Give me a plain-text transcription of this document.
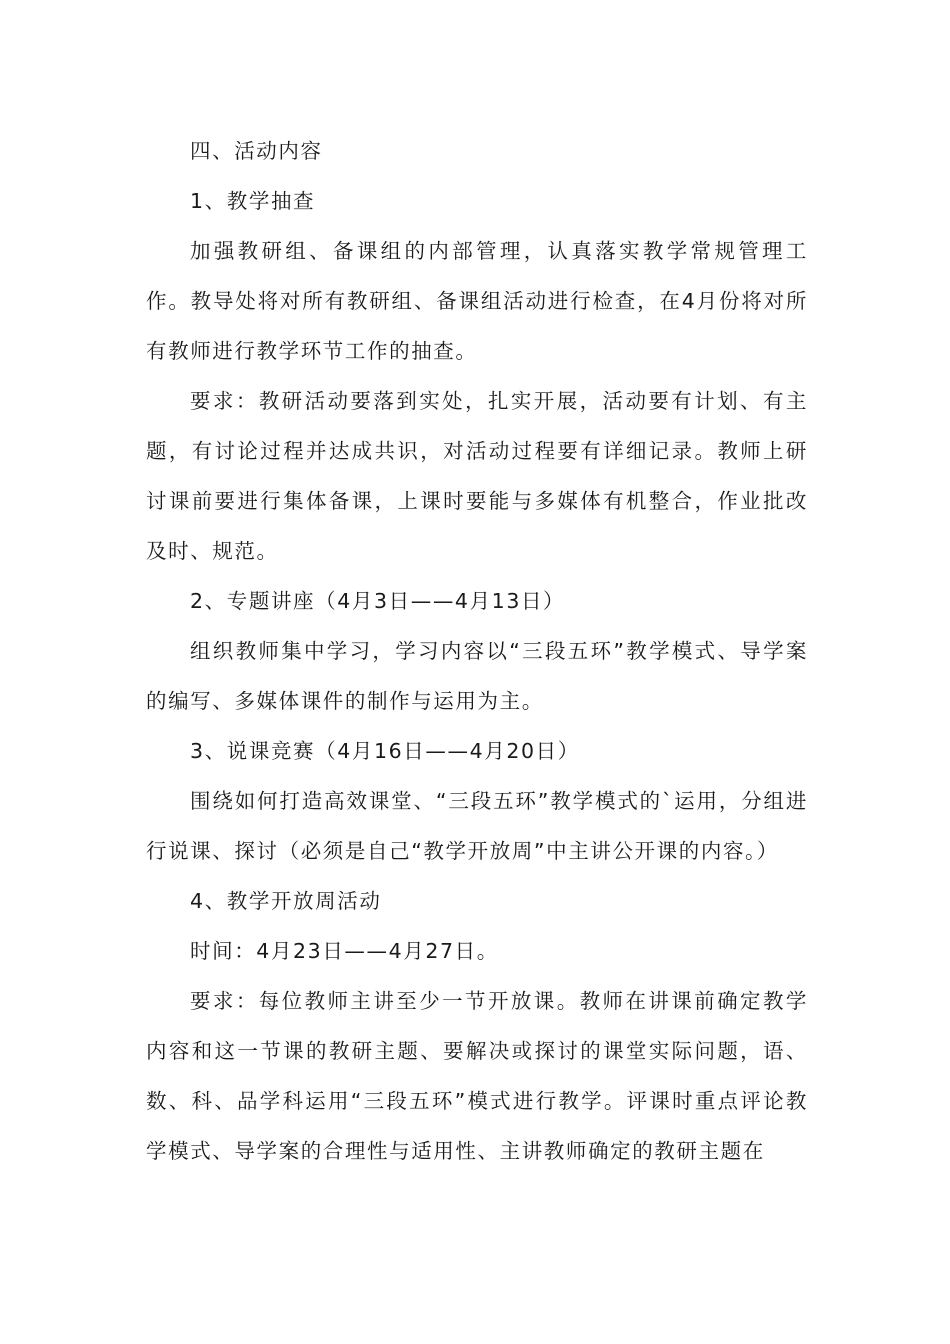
四、活动内容

1、教学抽查

加强教研组、备课组的内部管理，认真落实教学常规管理工作。教导处将对所有教研组、备课组活动进行检查，在4月份将对所有教师进行教学环节工作的抽查。

要求：教研活动要落到实处，扎实开展，活动要有计划、有主题，有讨论过程并达成共识，对活动过程要有详细记录。教师上研讨课前要进行集体备课，上课时要能与多媒体有机整合，作业批改及时、规范。

2、专题讲座（4月3日——4月13日）

组织教师集中学习，学习内容以“三段五环”教学模式、导学案的编写、多媒体课件的制作与运用为主。

3、说课竞赛（4月16日——4月20日）

围绕如何打造高效课堂、“三段五环”教学模式的`运用，分组进行说课、探讨（必须是自己“教学开放周”中主讲公开课的内容。）

4、教学开放周活动

时间：4月23日——4月27日。

要求：每位教师主讲至少一节开放课。教师在讲课前确定教学内容和这一节课的教研主题、要解决或探讨的课堂实际问题，语、数、科、品学科运用“三段五环”模式进行教学。评课时重点评论教学模式、导学案的合理性与适用性、主讲教师确定的教研主题在
